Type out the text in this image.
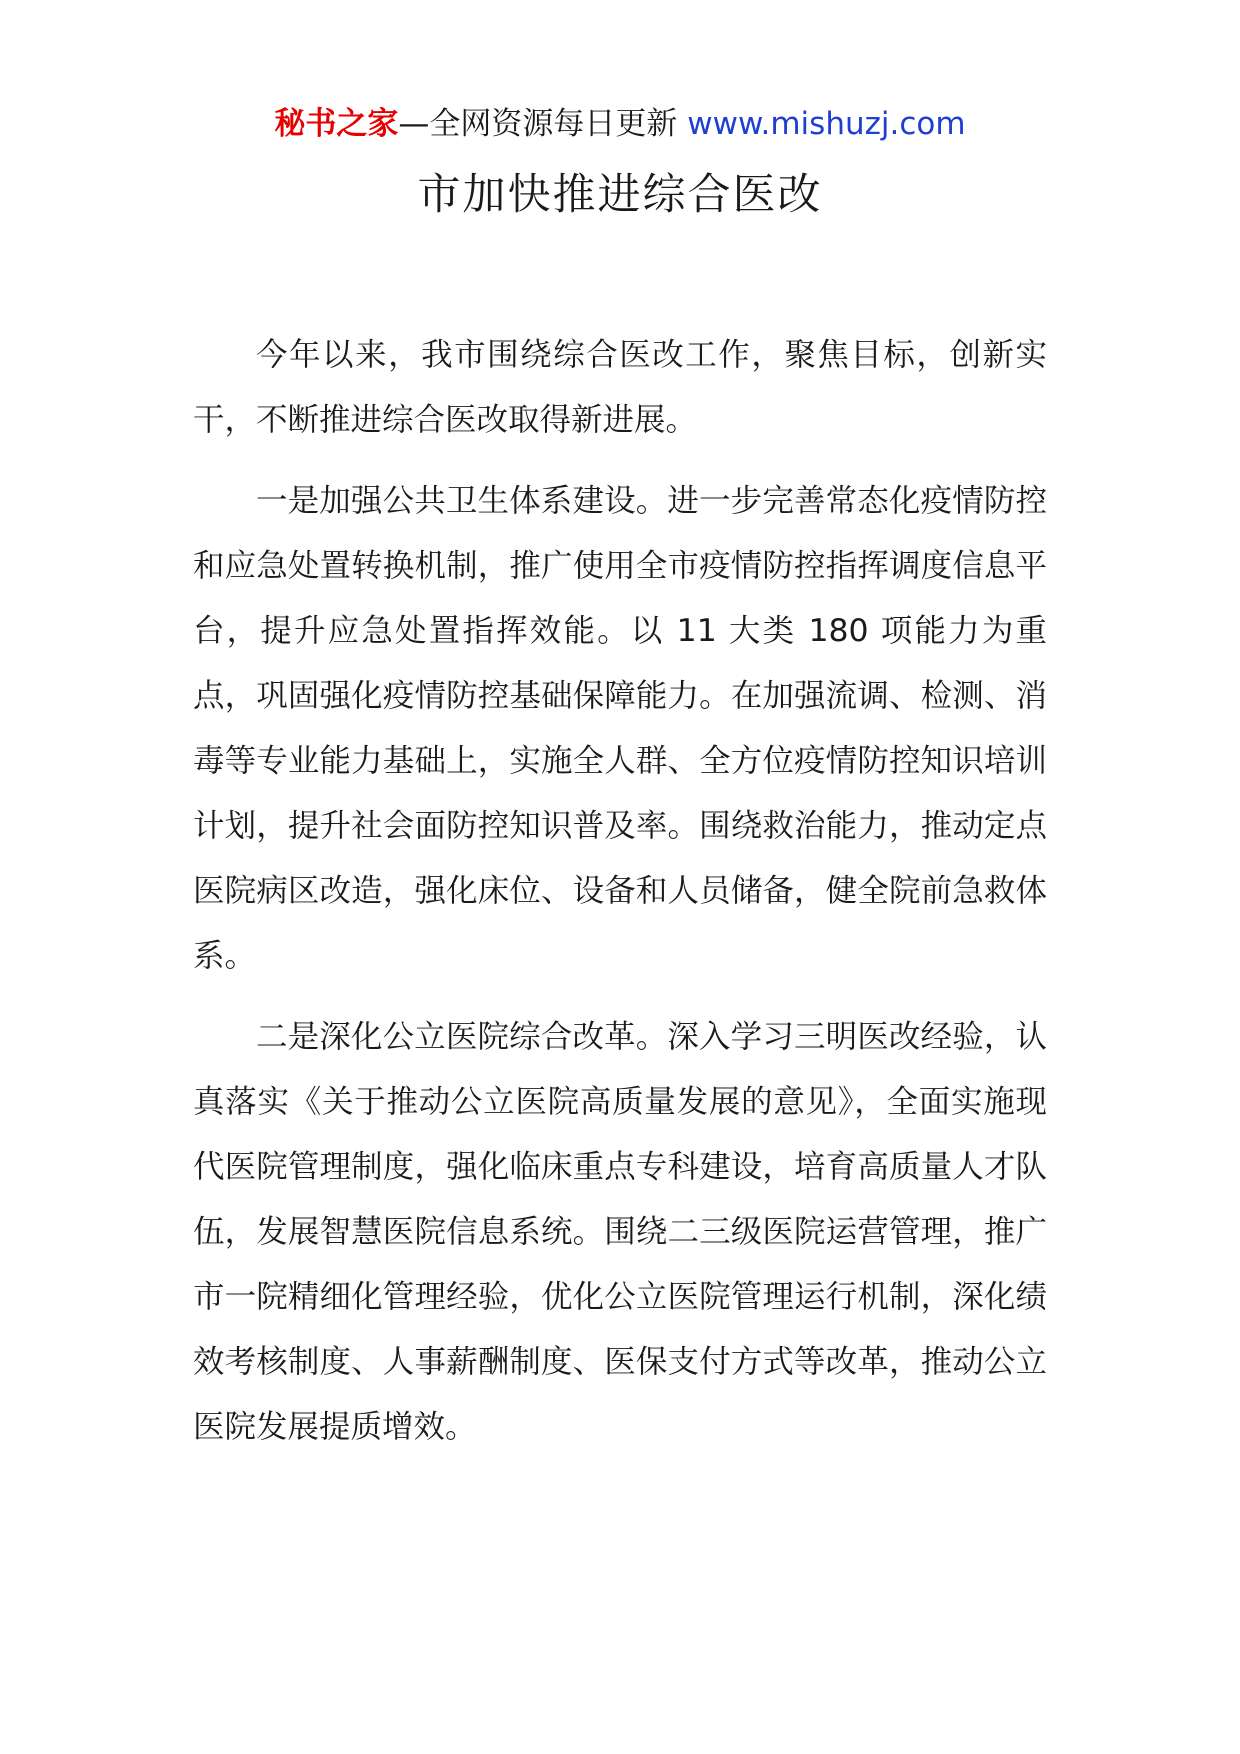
秘书之家—全网资源每日更新 www.mishuzj.com
市加快推进综合医改

今年以来，我市围绕综合医改工作，聚焦目标，创新实干，不断推进综合医改取得新进展。

一是加强公共卫生体系建设。进一步完善常态化疫情防控和应急处置转换机制，推广使用全市疫情防控指挥调度信息平台，提升应急处置指挥效能。以 11 大类 180 项能力为重点，巩固强化疫情防控基础保障能力。在加强流调、检测、消毒等专业能力基础上，实施全人群、全方位疫情防控知识培训计划，提升社会面防控知识普及率。围绕救治能力，推动定点医院病区改造，强化床位、设备和人员储备，健全院前急救体系。

二是深化公立医院综合改革。深入学习三明医改经验，认真落实《关于推动公立医院高质量发展的意见》，全面实施现代医院管理制度，强化临床重点专科建设，培育高质量人才队伍，发展智慧医院信息系统。围绕二三级医院运营管理，推广市一院精细化管理经验，优化公立医院管理运行机制，深化绩效考核制度、人事薪酬制度、医保支付方式等改革，推动公立医院发展提质增效。
